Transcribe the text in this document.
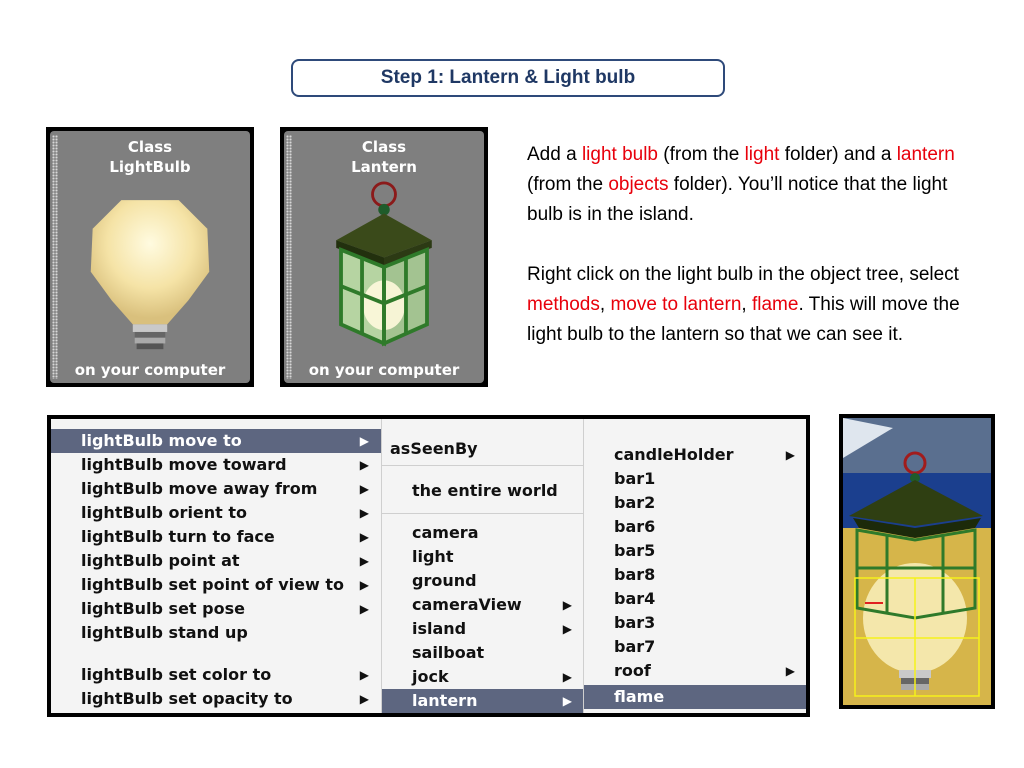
Step 1: Lantern & Light bulb
Class
LightBulb
on your computer
Class
Lantern
on your computer
Add a light bulb (from the light folder) and a lantern (from the objects folder). You’ll notice that the light bulb is in the island.
Right click on the light bulb in the object tree, select methods, move to lantern, flame. This will move the light bulb to the lantern so that we can see it.
lightBulb move to	▶
lightBulb move toward	▶
lightBulb move away from	▶
lightBulb orient to	▶
lightBulb turn to face	▶
lightBulb point at	▶
lightBulb set point of view to ▶
lightBulb set pose	▶
lightBulb stand up
lightBulb set color to	▶
lightBulb set opacity to	▶
asSeenBy
the entire world
camera
light
ground
cameraView	▶
island	▶
sailboat
jock	▶
lantern	▶
candleHolder	▶
bar1
bar2
bar6
bar5
bar8
bar4
bar3
bar7
roof	▶
flame
